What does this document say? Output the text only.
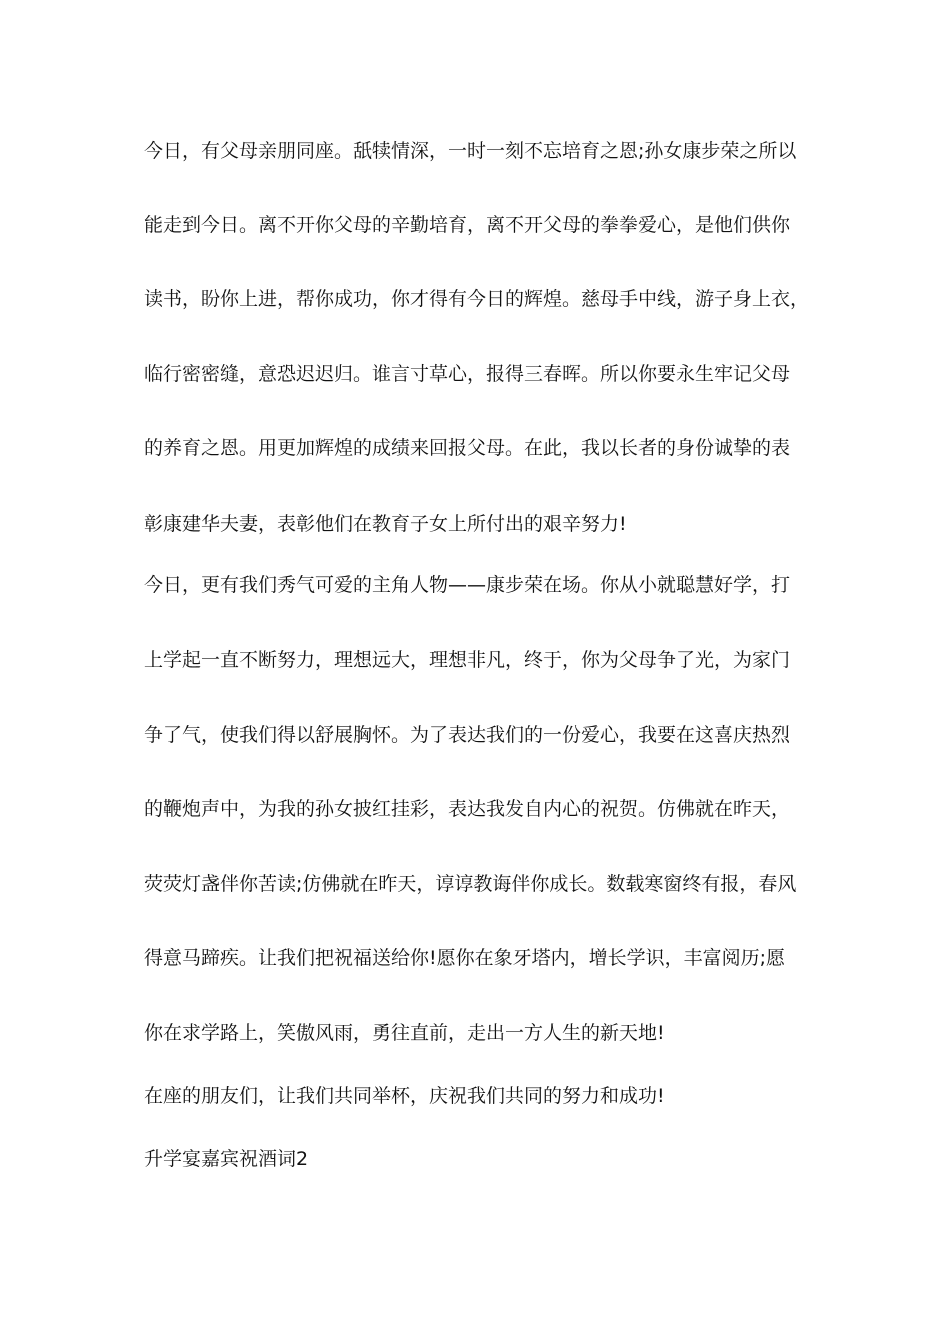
今日，有父母亲朋同座。舐犊情深，一时一刻不忘培育之恩;孙女康步荣之所以
能走到今日。离不开你父母的辛勤培育，离不开父母的拳拳爱心，是他们供你
读书，盼你上进，帮你成功，你才得有今日的辉煌。慈母手中线，游子身上衣，
临行密密缝，意恐迟迟归。谁言寸草心，报得三春晖。所以你要永生牢记父母
的养育之恩。用更加辉煌的成绩来回报父母。在此，我以长者的身份诚挚的表
彰康建华夫妻，表彰他们在教育子女上所付出的艰辛努力!
今日，更有我们秀气可爱的主角人物——康步荣在场。你从小就聪慧好学，打
上学起一直不断努力，理想远大，理想非凡，终于，你为父母争了光，为家门
争了气，使我们得以舒展胸怀。为了表达我们的一份爱心，我要在这喜庆热烈
的鞭炮声中，为我的孙女披红挂彩，表达我发自内心的祝贺。仿佛就在昨天，
荧荧灯盏伴你苦读;仿佛就在昨天，谆谆教诲伴你成长。数载寒窗终有报，春风
得意马蹄疾。让我们把祝福送给你!愿你在象牙塔内，增长学识，丰富阅历;愿
你在求学路上，笑傲风雨，勇往直前，走出一方人生的新天地!
在座的朋友们，让我们共同举杯，庆祝我们共同的努力和成功!
升学宴嘉宾祝酒词2
